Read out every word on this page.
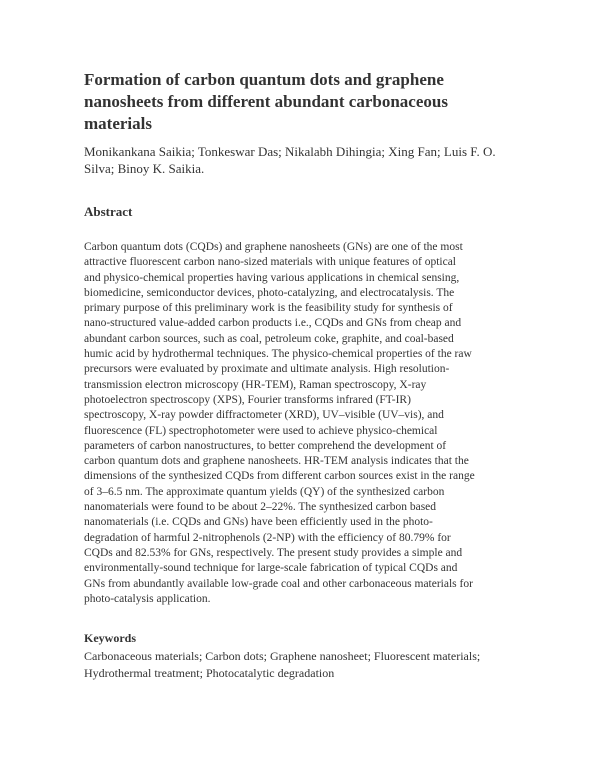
Formation of carbon quantum dots and graphene
nanosheets from different abundant carbonaceous
materials

Monikankana Saikia; Tonkeswar Das; Nikalabh Dihingia; Xing Fan; Luis F. O.
Silva; Binoy K. Saikia.

Abstract

Carbon quantum dots (CQDs) and graphene nanosheets (GNs) are one of the most
attractive fluorescent carbon nano-sized materials with unique features of optical
and physico-chemical properties having various applications in chemical sensing,
biomedicine, semiconductor devices, photo-catalyzing, and electrocatalysis. The
primary purpose of this preliminary work is the feasibility study for synthesis of
nano-structured value-added carbon products i.e., CQDs and GNs from cheap and
abundant carbon sources, such as coal, petroleum coke, graphite, and coal-based
humic acid by hydrothermal techniques. The physico-chemical properties of the raw
precursors were evaluated by proximate and ultimate analysis. High resolution-
transmission electron microscopy (HR-TEM), Raman spectroscopy, X-ray
photoelectron spectroscopy (XPS), Fourier transforms infrared (FT-IR)
spectroscopy, X-ray powder diffractometer (XRD), UV–visible (UV–vis), and
fluorescence (FL) spectrophotometer were used to achieve physico-chemical
parameters of carbon nanostructures, to better comprehend the development of
carbon quantum dots and graphene nanosheets. HR-TEM analysis indicates that the
dimensions of the synthesized CQDs from different carbon sources exist in the range
of 3–6.5 nm. The approximate quantum yields (QY) of the synthesized carbon
nanomaterials were found to be about 2–22%. The synthesized carbon based
nanomaterials (i.e. CQDs and GNs) have been efficiently used in the photo-
degradation of harmful 2-nitrophenols (2-NP) with the efficiency of 80.79% for
CQDs and 82.53% for GNs, respectively. The present study provides a simple and
environmentally-sound technique for large-scale fabrication of typical CQDs and
GNs from abundantly available low-grade coal and other carbonaceous materials for
photo-catalysis application.

Keywords

Carbonaceous materials; Carbon dots; Graphene nanosheet; Fluorescent materials;
Hydrothermal treatment; Photocatalytic degradation
